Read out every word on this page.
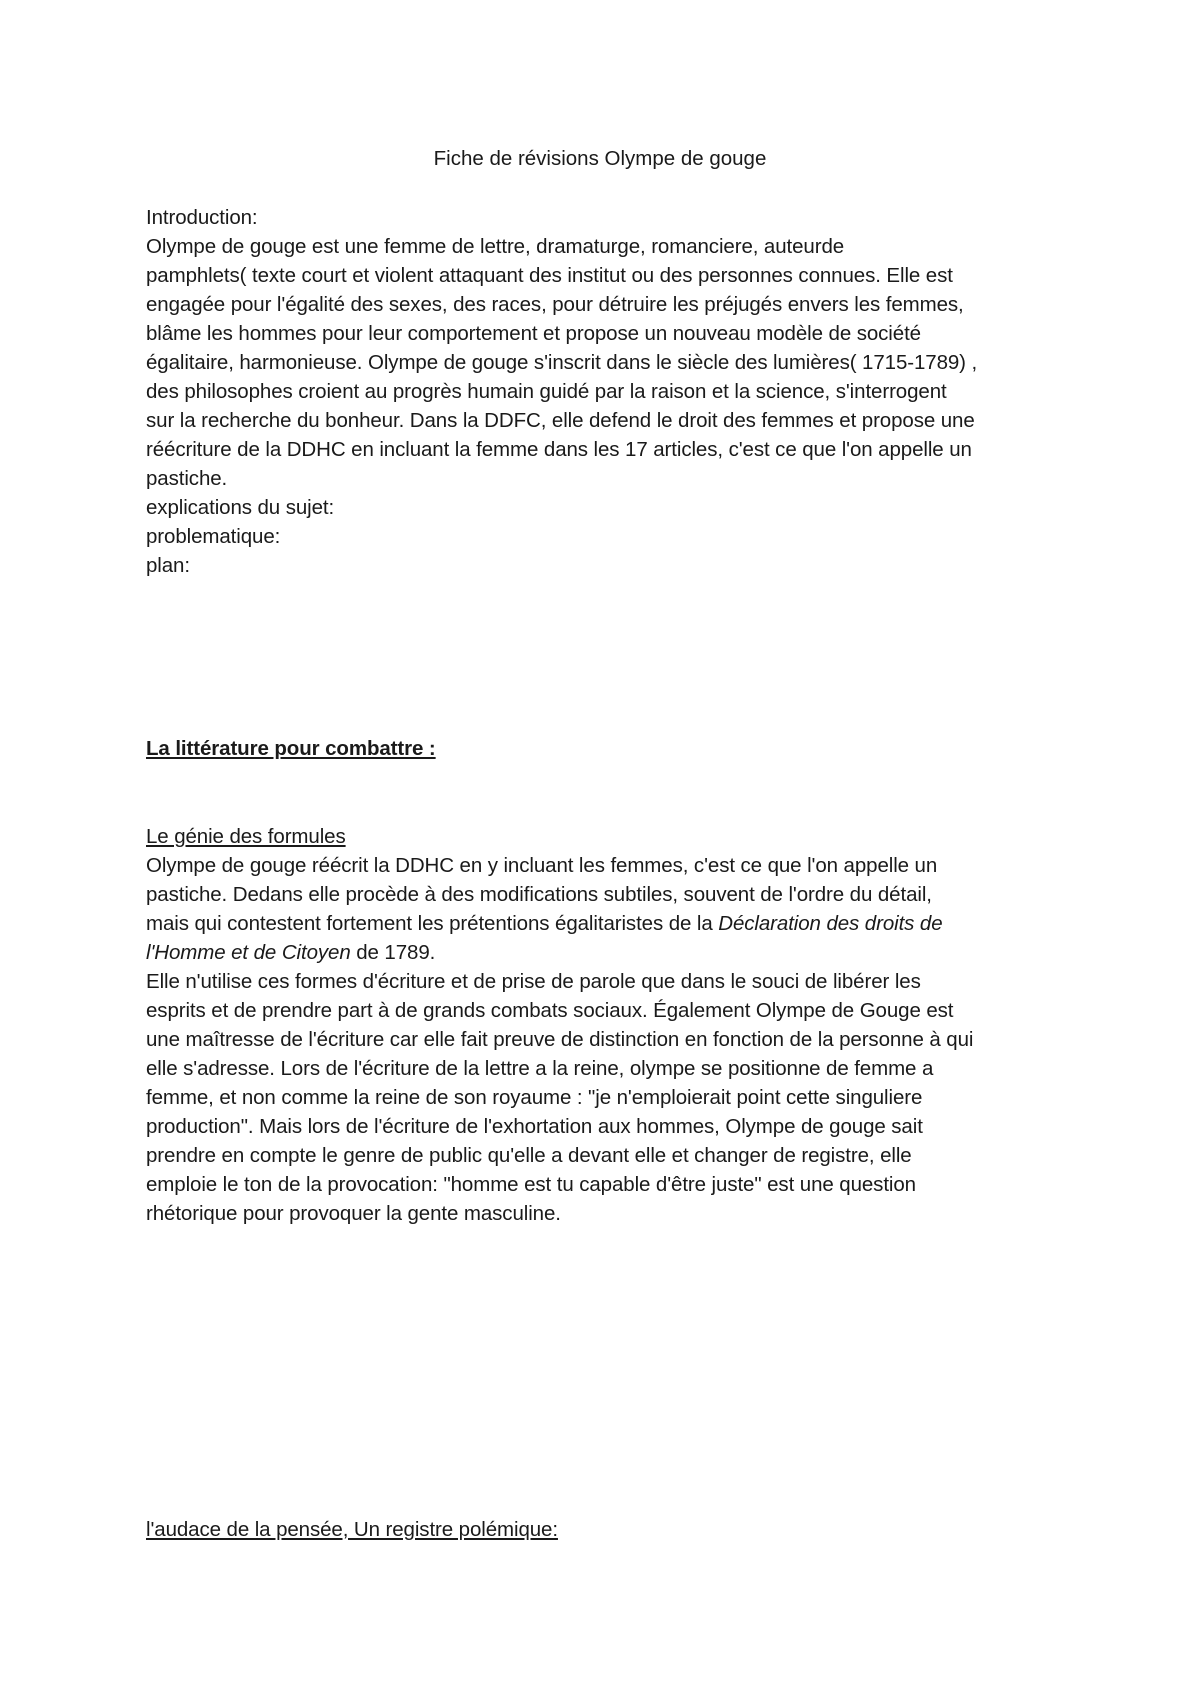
Fiche de révisions Olympe de gouge
Introduction:
Olympe de gouge est une femme de lettre, dramaturge, romanciere, auteurde
pamphlets( texte court et violent attaquant des institut ou des personnes connues. Elle est
engagée pour l'égalité des sexes, des races, pour détruire les préjugés envers les femmes,
blâme les hommes pour leur comportement et propose un nouveau modèle de société
égalitaire, harmonieuse. Olympe de gouge s'inscrit dans le siècle des lumières( 1715-1789) ,
des philosophes croient au progrès humain guidé par la raison et la science, s'interrogent
sur la recherche du bonheur. Dans la DDFC, elle defend le droit des femmes et propose une
réécriture de la DDHC en incluant la femme dans les 17 articles, c'est ce que l'on appelle un
pastiche.
explications du sujet:
problematique:
plan:
La littérature pour combattre :
Le génie des formules
Olympe de gouge réécrit la DDHC en y incluant les femmes, c'est ce que l'on appelle un
pastiche. Dedans elle procède à des modifications subtiles, souvent de l'ordre du détail,
mais qui contestent fortement les prétentions égalitaristes de la Déclaration des droits de
l'Homme et de Citoyen de 1789.
Elle n'utilise ces formes d'écriture et de prise de parole que dans le souci de libérer les
esprits et de prendre part à de grands combats sociaux. Également Olympe de Gouge est
une maîtresse de l'écriture car elle fait preuve de distinction en fonction de la personne à qui
elle s'adresse. Lors de l'écriture de la lettre a la reine, olympe se positionne de femme a
femme, et non comme la reine de son royaume : "je n'emploierait point cette singuliere
production". Mais lors de l'écriture de l'exhortation aux hommes, Olympe de gouge sait
prendre en compte le genre de public qu'elle a devant elle et changer de registre, elle
emploie le ton de la provocation: "homme est tu capable d'être juste" est une question
rhétorique pour provoquer la gente masculine.
l'audace de la pensée, Un registre polémique:
